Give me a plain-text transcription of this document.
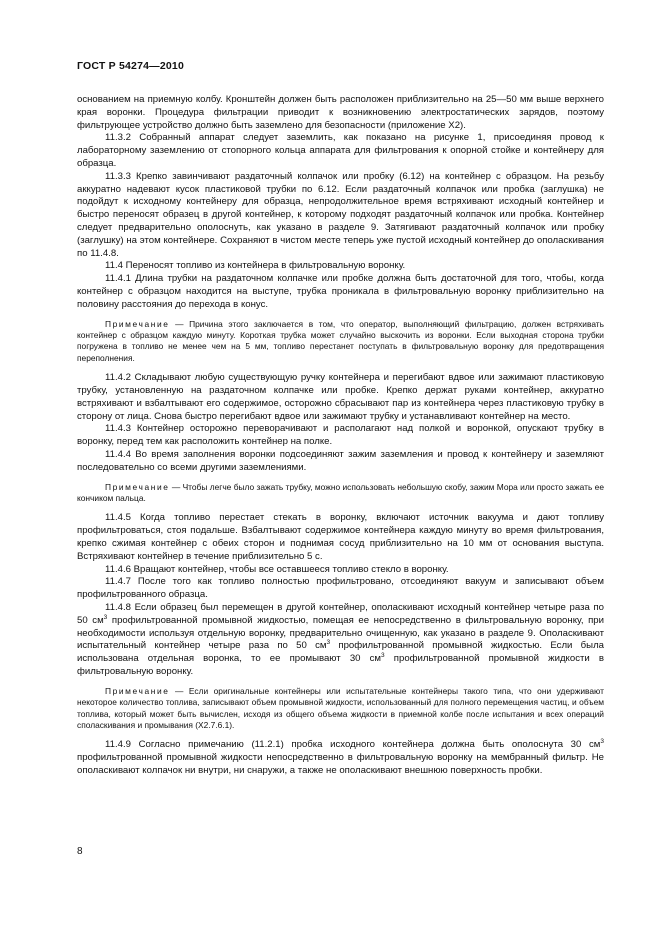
ГОСТ Р 54274—2010

основанием на приемную колбу. Кронштейн должен быть расположен приблизительно на 25—50 мм выше верхнего края воронки. Процедура фильтрации приводит к возникновению электростатических зарядов, поэтому фильтрующее устройство должно быть заземлено для безопасности (приложение Х2).

11.3.2 Собранный аппарат следует заземлить, как показано на рисунке 1, присоединяя провод к лабораторному заземлению от стопорного кольца аппарата для фильтрования к опорной стойке и контейнеру для образца.

11.3.3 Крепко завинчивают раздаточный колпачок или пробку (6.12) на контейнер с образцом. На резьбу аккуратно надевают кусок пластиковой трубки по 6.12. Если раздаточный колпачок или пробка (заглушка) не подойдут к исходному контейнеру для образца, непродолжительное время встряхивают исходный контейнер и быстро переносят образец в другой контейнер, к которому подходят раздаточный колпачок или пробка. Контейнер следует предварительно ополоснуть, как указано в разделе 9. Затягивают раздаточный колпачок или пробку (заглушку) на этом контейнере. Сохраняют в чистом месте теперь уже пустой исходный контейнер до ополаскивания по 11.4.8.

11.4 Переносят топливо из контейнера в фильтровальную воронку.

11.4.1 Длина трубки на раздаточном колпачке или пробке должна быть достаточной для того, чтобы, когда контейнер с образцом находится на выступе, трубка проникала в фильтровальную воронку приблизительно на половину расстояния до перехода в конус.

Примечание — Причина этого заключается в том, что оператор, выполняющий фильтрацию, должен встряхивать контейнер с образцом каждую минуту. Короткая трубка может случайно выскочить из воронки. Если выходная сторона трубки погружена в топливо не менее чем на 5 мм, топливо перестанет поступать в фильтровальную воронку для предотвращения переполнения.

11.4.2 Складывают любую существующую ручку контейнера и перегибают вдвое или зажимают пластиковую трубку, установленную на раздаточном колпачке или пробке. Крепко держат руками контейнер, аккуратно встряхивают и взбалтывают его содержимое, осторожно сбрасывают пар из контейнера через пластиковую трубку в сторону от лица. Снова быстро перегибают вдвое или зажимают трубку и устанавливают контейнер на место.

11.4.3 Контейнер осторожно переворачивают и располагают над полкой и воронкой, опускают трубку в воронку, перед тем как расположить контейнер на полке.

11.4.4 Во время заполнения воронки подсоединяют зажим заземления и провод к контейнеру и заземляют последовательно со всеми другими заземлениями.

Примечание — Чтобы легче было зажать трубку, можно использовать небольшую скобу, зажим Мора или просто зажать ее кончиком пальца.

11.4.5 Когда топливо перестает стекать в воронку, включают источник вакуума и дают топливу профильтроваться, стоя подальше. Взбалтывают содержимое контейнера каждую минуту во время фильтрования, крепко сжимая контейнер с обеих сторон и поднимая сосуд приблизительно на 10 мм от основания выступа. Встряхивают контейнер в течение приблизительно 5 с.

11.4.6 Вращают контейнер, чтобы все оставшееся топливо стекло в воронку.

11.4.7 После того как топливо полностью профильтровано, отсоединяют вакуум и записывают объем профильтрованного образца.

11.4.8 Если образец был перемещен в другой контейнер, ополаскивают исходный контейнер четыре раза по 50 $см^3$ профильтрованной промывной жидкостью, помещая ее непосредственно в фильтровальную воронку, при необходимости используя отдельную воронку, предварительно очищенную, как указано в разделе 9. Ополаскивают испытательный контейнер четыре раза по 50 $см^3$ профильтрованной промывной жидкостью. Если была использована отдельная воронка, то ее промывают 30 $см^3$ профильтрованной промывной жидкости в фильтровальную воронку.

Примечание — Если оригинальные контейнеры или испытательные контейнеры такого типа, что они удерживают некоторое количество топлива, записывают объем промывной жидкости, использованный для полного перемещения частиц, и объем топлива, который может быть вычислен, исходя из общего объема жидкости в приемной колбе после испытания и всех операций споласкивания и промывания (Х2.7.6.1).

11.4.9 Согласно примечанию (11.2.1) пробка исходного контейнера должна быть ополоснута 30 $см^3$ профильтрованной промывной жидкости непосредственно в фильтровальную воронку на мембранный фильтр. Не ополаскивают колпачок ни внутри, ни снаружи, а также не ополаскивают внешнюю поверхность пробки.

8
